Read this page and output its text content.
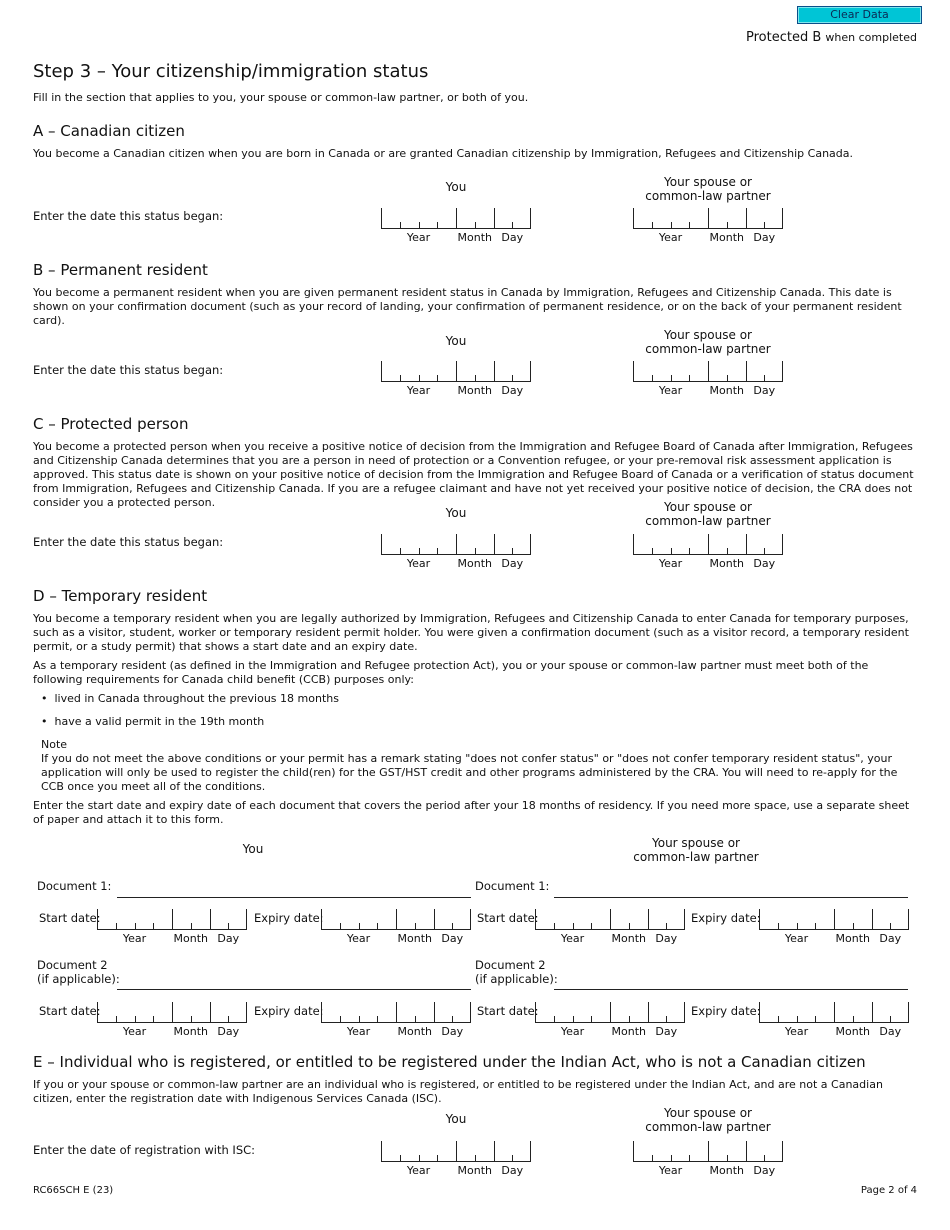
Clear Data
Protected B when completed
Step 3 – Your citizenship/immigration status
Fill in the section that applies to you, your spouse or common-law partner, or both of you.
A – Canadian citizen
You become a Canadian citizen when you are born in Canada or are granted Canadian citizenship by Immigration, Refugees and Citizenship Canada.
You	Your spouse or
common-law partner
Enter the date this status began:
Year	Month Day	Year	Month Day
B – Permanent resident
You become a permanent resident when you are given permanent resident status in Canada by Immigration, Refugees and Citizenship Canada. This date is shown on your confirmation document (such as your record of landing, your confirmation of permanent residence, or on the back of your permanent resident card).
You	Your spouse or
common-law partner
Enter the date this status began:
Year	Month Day	Year	Month Day
C – Protected person
You become a protected person when you receive a positive notice of decision from the Immigration and Refugee Board of Canada after Immigration, Refugees and Citizenship Canada determines that you are a person in need of protection or a Convention refugee, or your pre-removal risk assessment application is approved. This status date is shown on your positive notice of decision from the Immigration and Refugee Board of Canada or a verification of status document from Immigration, Refugees and Citizenship Canada. If you are a refugee claimant and have not yet received your positive notice of decision, the CRA does not consider you a protected person.
You	Your spouse or
common-law partner
Enter the date this status began:
Year	Month Day	Year	Month Day
D – Temporary resident
You become a temporary resident when you are legally authorized by Immigration, Refugees and Citizenship Canada to enter Canada for temporary purposes, such as a visitor, student, worker or temporary resident permit holder. You were given a confirmation document (such as a visitor record, a temporary resident permit, or a study permit) that shows a start date and an expiry date.
As a temporary resident (as defined in the Immigration and Refugee protection Act), you or your spouse or common-law partner must meet both of the following requirements for Canada child benefit (CCB) purposes only:
•  lived in Canada throughout the previous 18 months
•  have a valid permit in the 19th month
Note
If you do not meet the above conditions or your permit has a remark stating "does not confer status" or "does not confer temporary resident status", your application will only be used to register the child(ren) for the GST/HST credit and other programs administered by the CRA. You will need to re-apply for the CCB once you meet all of the conditions.
Enter the start date and expiry date of each document that covers the period after your 18 months of residency. If you need more space, use a separate sheet of paper and attach it to this form.
You	Your spouse or
common-law partner
Document 1:	Document 1:
Start date:
Year	Month Day
Expiry date:
Year	Month Day
Start date:
Year	Month Day
Expiry date:
Year	Month Day
Document 2
(if applicable):
Document 2
(if applicable):
Start date:
Year	Month Day
Expiry date:
Year	Month Day
Start date:
Year	Month Day
Expiry date:
Year	Month Day
E – Individual who is registered, or entitled to be registered under the Indian Act, who is not a Canadian citizen
If you or your spouse or common-law partner are an individual who is registered, or entitled to be registered under the Indian Act, and are not a Canadian citizen, enter the registration date with Indigenous Services Canada (ISC).
You	Your spouse or
common-law partner
Enter the date of registration with ISC:
Year	Month Day	Year	Month Day
RC66SCH E (23)	Page 2 of 4
